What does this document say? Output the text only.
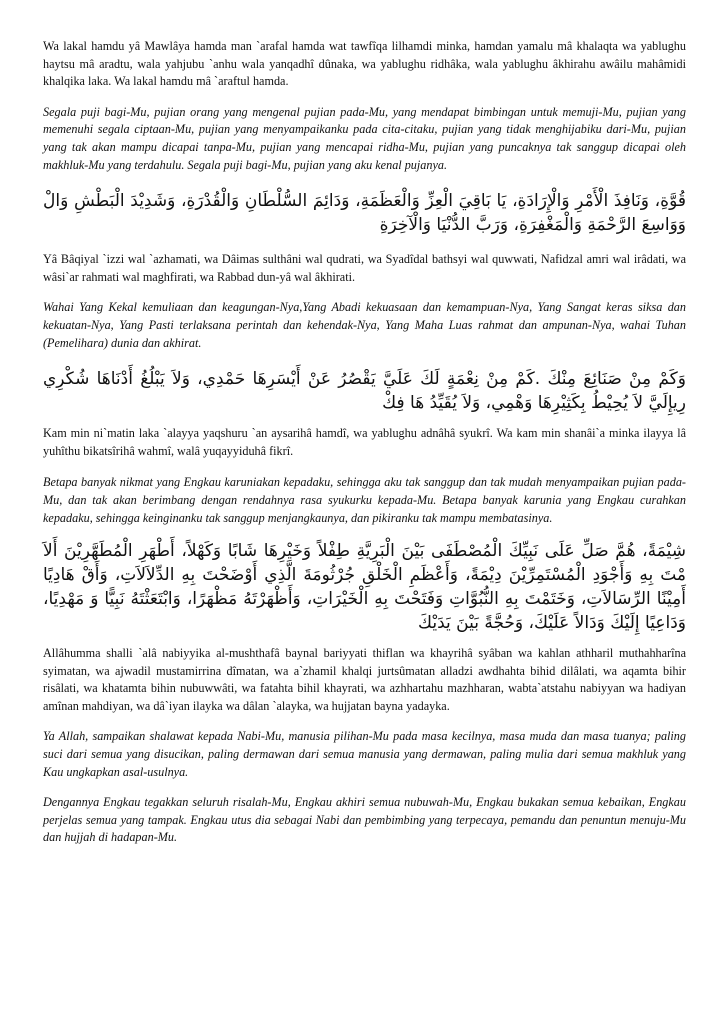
Wa lakal hamdu yâ Mawlâya hamda man `arafal hamda wat tawfîqa lilhamdi minka, hamdan yamalu mâ khalaqta wa yablughu haytsu mâ aradtu, wala yahjubu `anhu wala yanqadhî dûnaka, wa yablughu ridhâka, wala yablughu âkhirahu awâilu mahâmidi khalqika laka. Wa lakal hamdu mâ `araftul hamda.

Segala puji bagi-Mu, pujian orang yang mengenal pujian pada-Mu, yang mendapat bimbingan untuk memuji-Mu, pujian yang memenuhi segala ciptaan-Mu, pujian yang menyampaikanku pada cita-citaku, pujian yang tidak menghijabiku dari-Mu, pujian yang tak akan mampu dicapai tanpa-Mu, pujian yang mencapai ridha-Mu, pujian yang puncaknya tak sanggup dicapai oleh makhluk-Mu yang terdahulu. Segala puji bagi-Mu, pujian yang aku kenal pujanya.

قُوَّةِ، وَنَافِذَ الْأَمْرِ وَالْإِرَادَةِ، يَا بَاقِيَ الْعِزِّ وَالْعَظَمَةِ، وَدَائِمَ السُّلْطَانِ وَالْقُدْرَةِ، وَشَدِيْدَ الْبَطْشِ وَالْ وَوَاسِعَ الرَّحْمَةِ وَالْمَغْفِرَةِ، وَرَبَّ الدُّنْيَا وَالْآخِرَةِ

Yâ Bâqiyal `izzi wal `azhamati, wa Dâimas sulthâni wal qudrati, wa Syadîdal bathsyi wal quwwati, Nafidzal amri wal irâdati, wa wâsi`ar rahmati wal maghfirati, wa Rabbad dun-yâ wal âkhirati.

Wahai Yang Kekal kemuliaan dan keagungan-Nya,Yang Abadi kekuasaan dan kemampuan-Nya, Yang Sangat keras siksa dan kekuatan-Nya, Yang Pasti terlaksana perintah dan kehendak-Nya, Yang Maha Luas rahmat dan ampunan-Nya, wahai Tuhan (Pemelihara) dunia dan akhirat.

وَكَمْ مِنْ صَنَائِعَ مِنْكَ .كَمْ مِنْ نِعْمَةٍ لَكَ عَلَيَّ يَقْصُرُ عَنْ أَيْسَرِهَا حَمْدِي، وَلاَ يَبْلُغُ أَدْنَاهَا شُكْرِي رِيإِلَيَّ لاَ يُحِيْطُ بِكَثِيْرِهَا وَهْمِي، وَلاَ يُقَيِّدُ هَا فِكْ

Kam min ni`matin laka `alayya yaqshuru `an aysarihâ hamdî, wa yablughu adnâhâ syukrî. Wa kam min shanâi`a minka ilayya lâ yuhîthu bikatsîrihâ wahmî, walâ yuqayyiduhâ fikrî.

Betapa banyak nikmat yang Engkau karuniakan kepadaku, sehingga aku tak sanggup dan tak mudah menyampaikan pujian pada-Mu, dan tak akan berimbang dengan rendahnya rasa syukurku kepada-Mu. Betapa banyak karunia yang Engkau curahkan kepadaku, sehingga keinginanku tak sanggup menjangkaunya, dan pikiranku tak mampu membatasinya.

شِيْمَةً، هُمَّ صَلِّ عَلَى نَبِيِّكَ الْمُصْطَفَى بَيْنَ الْبَرِيَّةِ طِفْلاً وَخَيْرِهَا شَابًا وَكَهْلاً، أَطْهَرِ الْمُطَهَّرِيْنَ أَلاَ مْتَ بِهِ وَأَجْوَدِ الْمُسْتَمِرِّيْنَ دِيْمَةً، وَأَعْظَمِ الْخَلْقِ جُرْثُومَةَ الَّذِي أَوْضَحْتَ بِهِ الدِّلاَلاَتِ، وَأَقْ هَادِيًا أَمِيْنًا الرِّسَالاَتِ، وَخَتَمْتَ بِهِ النُّبُوَّاتِ وَفَتَحْتَ بِهِ الْخَيْرَاتِ، وَأَظْهَرْتَهُ مَظْهَرًا، وَابْتَعَثْتَهُ نَبِيًّا وَ مَهْدِيًا، وَدَاعِيًا إِلَيْكَ وَدَالاً عَلَيْكَ، وَحُجَّةً بَيْنَ يَدَيْكَ

Allâhumma shalli `alâ nabiyyika al-mushthafâ baynal bariyyati thiflan wa khayrihâ syâban wa kahlan athharil muthahharîna syimatan, wa ajwadil mustamirrina dîmatan, wa a`zhamil khalqi jurtsûmatan alladzi awdhahta bihid dilâlati, wa aqamta bihir risâlati, wa khatamta bihin nubuwwâti, wa fatahta bihil khayrati, wa azhhartahu mazhharan, wabta`atstahu nabiyyan wa hadiyan amînan mahdiyan, wa dâ`iyan ilayka wa dâlan `alayka, wa hujjatan bayna yadayka.

Ya Allah, sampaikan shalawat kepada Nabi-Mu, manusia pilihan-Mu pada masa kecilnya, masa muda dan masa tuanya; paling suci dari semua yang disucikan, paling dermawan dari semua manusia yang dermawan, paling mulia dari semua makhluk yang Kau ungkapkan asal-usulnya.

Dengannya Engkau tegakkan seluruh risalah-Mu, Engkau akhiri semua nubuwah-Mu, Engkau bukakan semua kebaikan, Engkau perjelas semua yang tampak. Engkau utus dia sebagai Nabi dan pembimbing yang terpecaya, pemandu dan penuntun menuju-Mu dan hujjah di hadapan-Mu.
